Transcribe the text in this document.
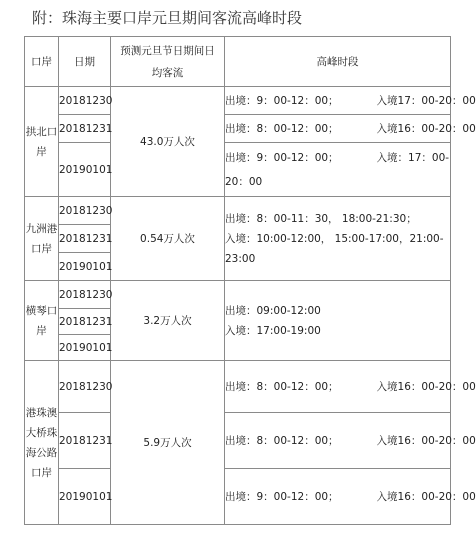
附：珠海主要口岸元旦期间客流高峰时段
口岸	日期	预测元旦节日期间日均客流	高峰时段
拱北口岸	20181230	43.0万人次	出境：9：00-12：00； 入境17：00-20：00

	20181231		出境：8：00-12：00； 入境16：00-20：00

	20190101		出境：9：00-12：00； 入境：17：00-20：00

九洲港口岸	20181230	0.54万人次	出境：8：00-11：30， 18:00-21:30；
入境：10:00-12:00， 15:00-17:00，21:00-23:00

	20181231		
	20190101		
横琴口岸	20181230	3.2万人次	出境：09:00-12:00
入境：17:00-19:00

	20181231		
	20190101		
港珠澳大桥珠海公路口岸	20181230	5.9万人次	出境：8：00-12：00； 入境16：00-20：00

	20181231		出境：8：00-12：00； 入境16：00-20：00

	20190101		出境：9：00-12：00； 入境16：00-20：00
